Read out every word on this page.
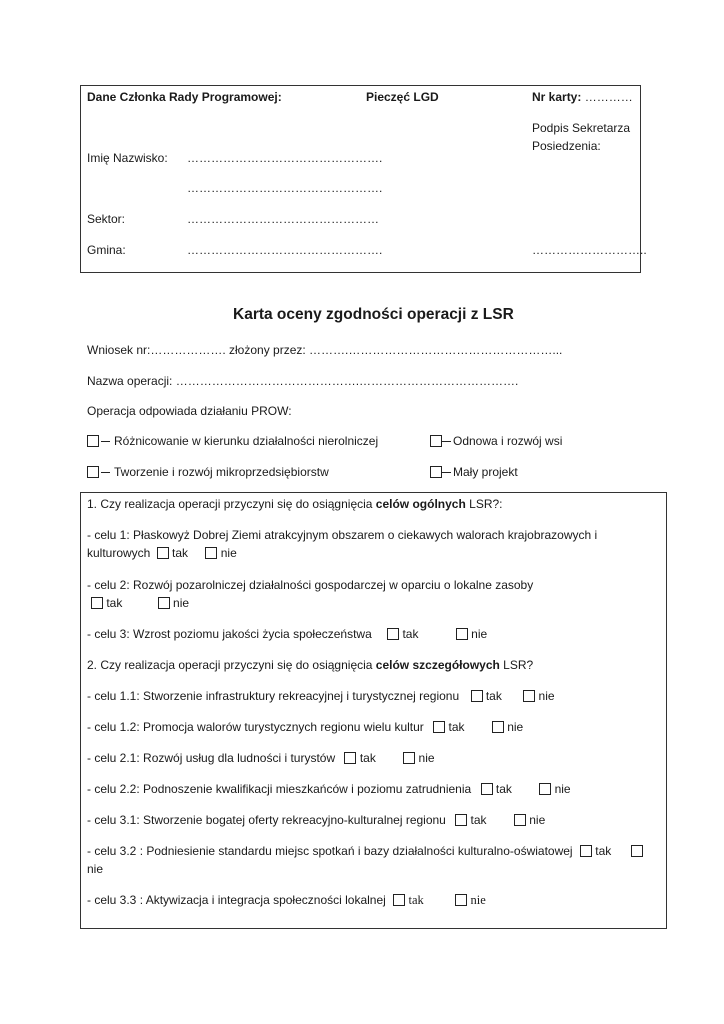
Dane Członka Rady Programowej:	Pieczęć LGD	Nr karty: …………
Podpis Sekretarza Posiedzenia:
Imię Nazwisko: ………………………………………….
………………………………………….
Sektor:	…………………………………………
Gmina:	………………………………………….	………………………..
Karta oceny zgodności operacji z LSR
Wniosek nr:………………. złożony przez: ……….……………………………………………...
Nazwa operacji: ……………………………………….………………………………….
Operacja odpowiada działaniu PROW:
Różnicowanie w kierunku działalności nierolniczej	Odnowa i rozwój wsi
Tworzenie i rozwój mikroprzedsiębiorstw	Mały projekt
1. Czy realizacja operacji przyczyni się do osiągnięcia celów ogólnych LSR?:
- celu 1: Płaskowyż Dobrej Ziemi atrakcyjnym obszarem o ciekawych walorach krajobrazowych i
kulturowych tak	nie
- celu 2: Rozwój pozarolniczej działalności gospodarczej w oparciu o lokalne zasoby
tak	nie
- celu 3: Wzrost poziomu jakości życia społeczeństwa	tak	nie
2. Czy realizacja operacji przyczyni się do osiągnięcia celów szczegółowych LSR?
- celu 1.1: Stworzenie infrastruktury rekreacyjnej i turystycznej regionu tak	nie
- celu 1.2: Promocja walorów turystycznych regionu wielu kultur tak	nie
- celu 2.1: Rozwój usług dla ludności i turystów tak	nie
- celu 2.2: Podnoszenie kwalifikacji mieszkańców i poziomu zatrudnienia tak	nie
- celu 3.1: Stworzenie bogatej oferty rekreacyjno-kulturalnej regionu tak	nie
- celu 3.2 : Podniesienie standardu miejsc spotkań i bazy działalności kulturalno-oświatowej tak
nie
- celu 3.3 : Aktywizacja i integracja społeczności lokalnej tak	nie
